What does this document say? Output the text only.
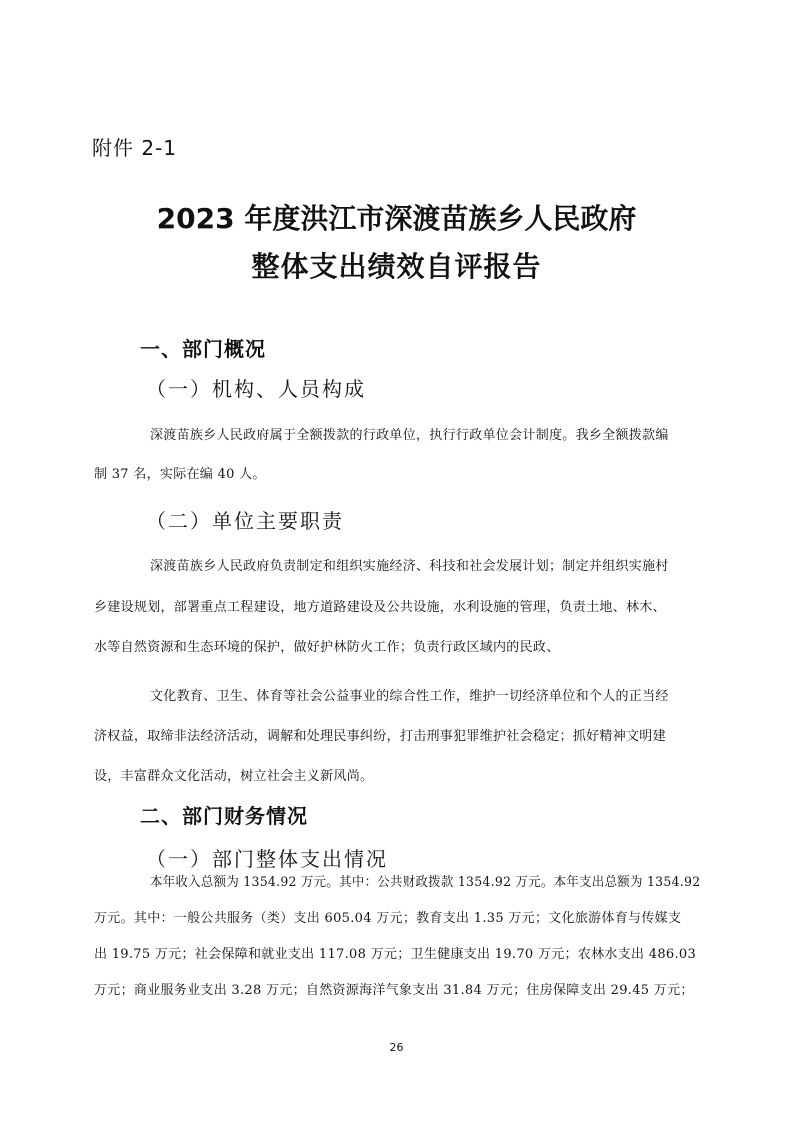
附件 2-1
2023 年度洪江市深渡苗族乡人民政府
整体支出绩效自评报告
一、部门概况
（一）机构、人员构成
深渡苗族乡人民政府属于全额拨款的行政单位，执行行政单位会计制度。我乡全额拨款编
制 37 名，实际在编 40 人。
（二）单位主要职责
深渡苗族乡人民政府负责制定和组织实施经济、科技和社会发展计划；制定并组织实施村
乡建设规划，部署重点工程建设，地方道路建设及公共设施，水利设施的管理，负责土地、林木、
水等自然资源和生态环境的保护，做好护林防火工作；负责行政区域内的民政、
文化教育、卫生、体育等社会公益事业的综合性工作，维护一切经济单位和个人的正当经
济权益，取缔非法经济活动，调解和处理民事纠纷，打击刑事犯罪维护社会稳定；抓好精神文明建
设，丰富群众文化活动，树立社会主义新风尚。
二、部门财务情况
（一）部门整体支出情况
本年收入总额为 1354.92 万元。其中：公共财政拨款 1354.92 万元。本年支出总额为 1354.92
万元。其中：一般公共服务（类）支出 605.04 万元；教育支出 1.35 万元；文化旅游体育与传媒支
出 19.75 万元；社会保障和就业支出 117.08 万元；卫生健康支出 19.70 万元；农林水支出 486.03
万元；商业服务业支出 3.28 万元；自然资源海洋气象支出 31.84 万元；住房保障支出 29.45 万元；
26
